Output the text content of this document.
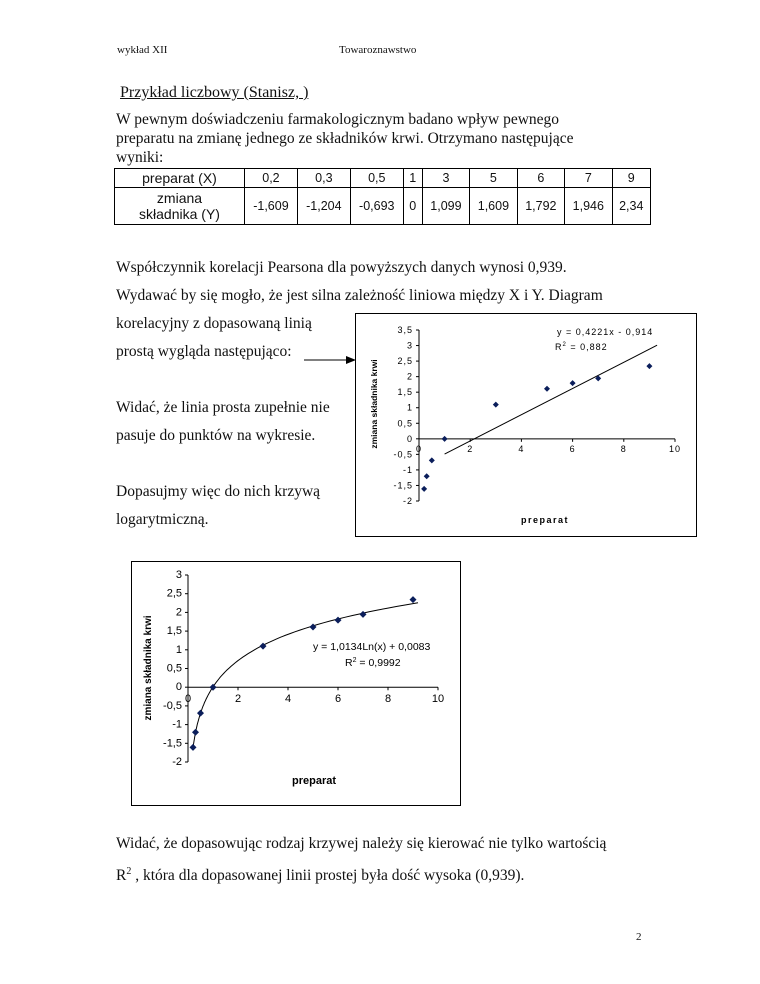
wykład XII	Towaroznawstwo
Przykład liczbowy (Stanisz, )
W pewnym doświadczeniu farmakologicznym badano wpływ pewnego
preparatu na zmianę jednego ze składników krwi. Otrzymano następujące
wyniki:
preparat (X)	0,2	0,3	0,5	1	3	5	6	7	9

zmiana
składnika (Y)	-1,609	-1,204	-0,693	0	1,099	1,609	1,792	1,946	2,34
Współczynnik korelacji Pearsona dla powyższych danych wynosi 0,939.
Wydawać by się mogło, że jest silna zależność liniowa między X i Y. Diagram
korelacyjny z dopasowaną linią
prostą wygląda następująco:
Widać, że linia prosta zupełnie nie
pasuje do punktów na wykresie.
Dopasujmy więc do nich krzywą
logarytmiczną.
-2
-1,5
-1
-0,5
0
0,5
1
1,5
2
2,5
3
3,5
0	2	4	6	8	10
y = 0,4221x - 0,914
$R^2 = 0,882$
preparat
zmiana składnika krwi
-2
-1,5
-1
-0,5
0
0,5
1
1,5
2
2,5
3
0	2	4	6	8	10
y = 1,0134Ln(x) + 0,0083
$R^2 = 0,9992$
preparat
zmiana składnika krwi
Widać, że dopasowując rodzaj krzywej należy się kierować nie tylko wartością
$R^2$ , która dla dopasowanej linii prostej była dość wysoka (0,939).
2
